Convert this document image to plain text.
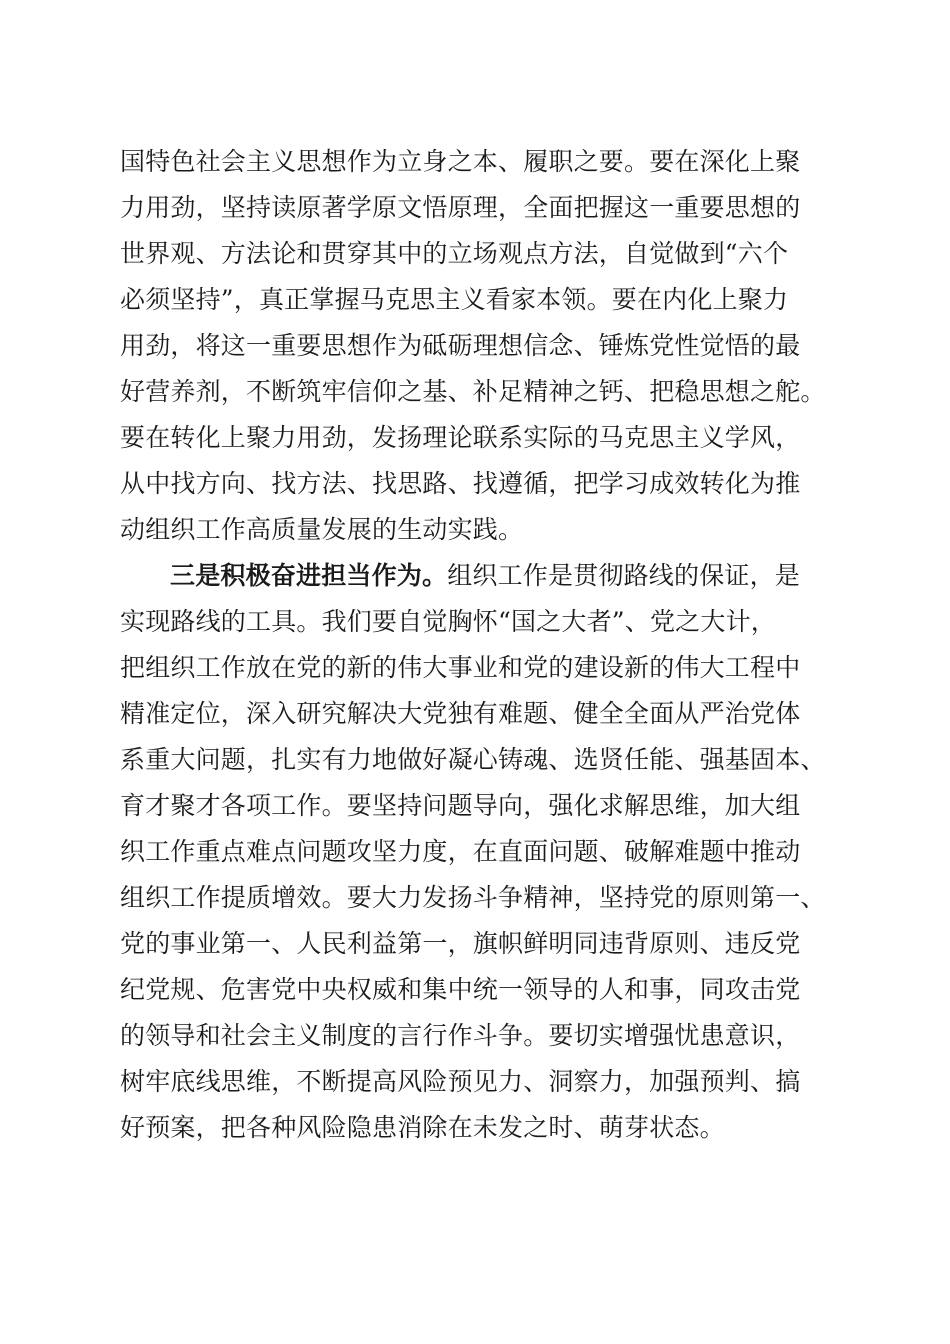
国特色社会主义思想作为立身之本、履职之要。要在深化上聚
力用劲，坚持读原著学原文悟原理，全面把握这一重要思想的
世界观、方法论和贯穿其中的立场观点方法，自觉做到“六个
必须坚持”，真正掌握马克思主义看家本领。要在内化上聚力
用劲，将这一重要思想作为砥砺理想信念、锤炼党性觉悟的最
好营养剂，不断筑牢信仰之基、补足精神之钙、把稳思想之舵。
要在转化上聚力用劲，发扬理论联系实际的马克思主义学风，
从中找方向、找方法、找思路、找遵循，把学习成效转化为推
动组织工作高质量发展的生动实践。
三是积极奋进担当作为。组织工作是贯彻路线的保证，是
实现路线的工具。我们要自觉胸怀“国之大者”、党之大计，
把组织工作放在党的新的伟大事业和党的建设新的伟大工程中
精准定位，深入研究解决大党独有难题、健全全面从严治党体
系重大问题，扎实有力地做好凝心铸魂、选贤任能、强基固本、
育才聚才各项工作。要坚持问题导向，强化求解思维，加大组
织工作重点难点问题攻坚力度，在直面问题、破解难题中推动
组织工作提质增效。要大力发扬斗争精神，坚持党的原则第一、
党的事业第一、人民利益第一，旗帜鲜明同违背原则、违反党
纪党规、危害党中央权威和集中统一领导的人和事，同攻击党
的领导和社会主义制度的言行作斗争。要切实增强忧患意识，
树牢底线思维，不断提高风险预见力、洞察力，加强预判、搞
好预案，把各种风险隐患消除在未发之时、萌芽状态。
